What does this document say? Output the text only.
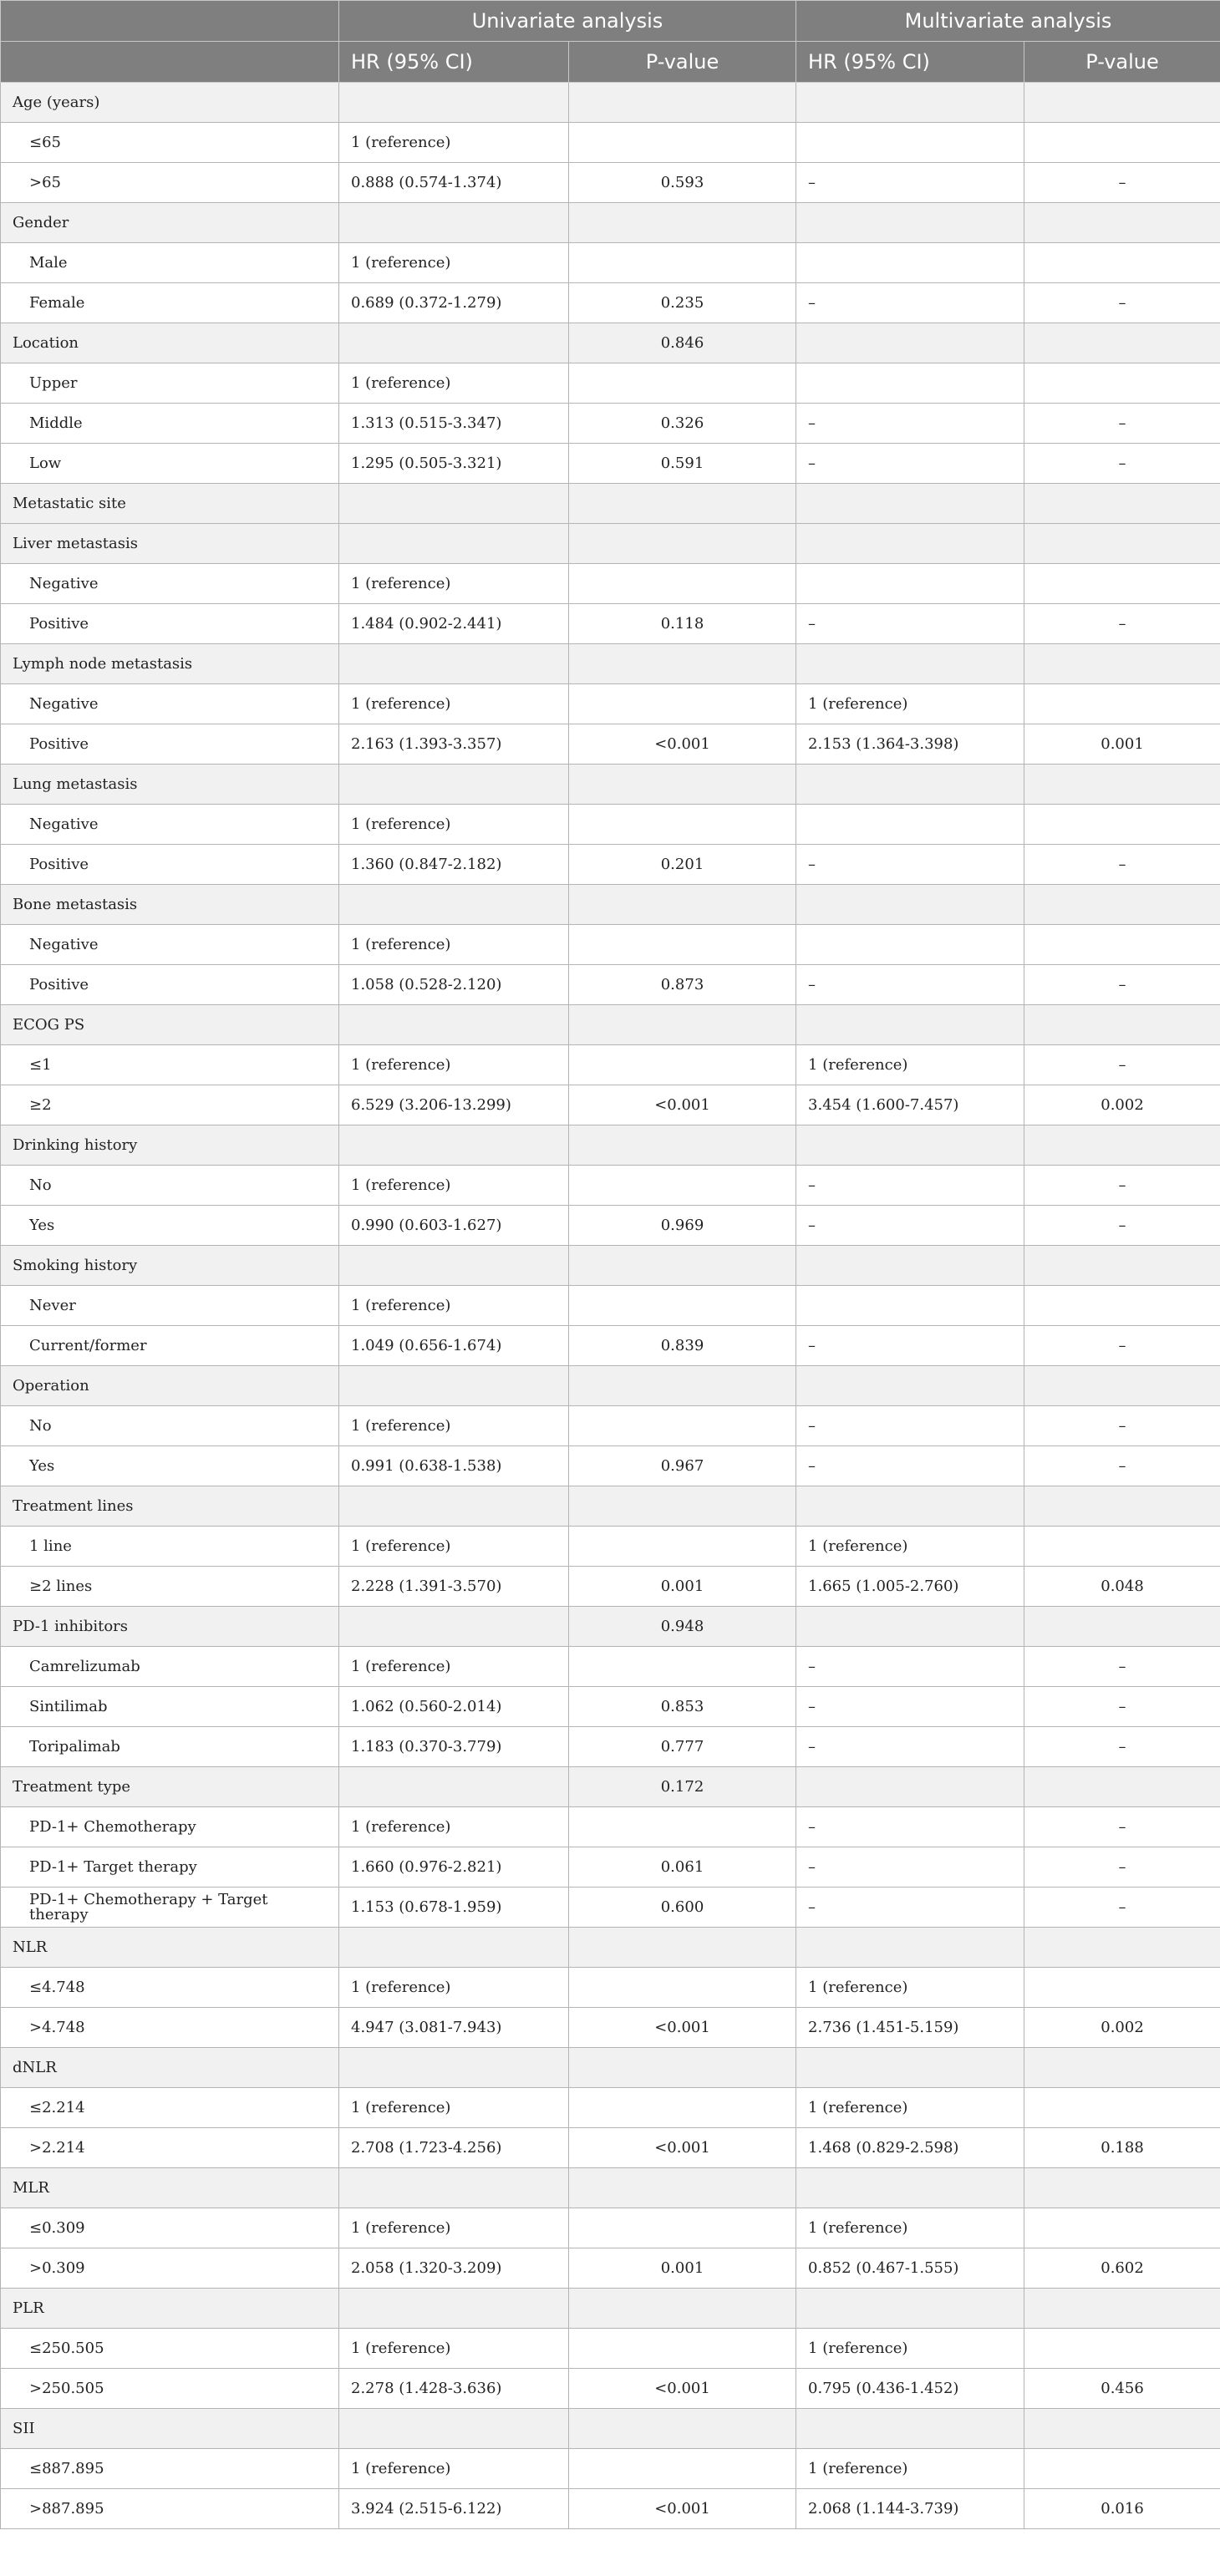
	Univariate analysis		Multivariate analysis	
	HR (95% CI)	P-value	HR (95% CI)	P-value
Age (years)				
≤65	1 (reference)			
>65	0.888 (0.574-1.374)	0.593	–	–
Gender				
Male	1 (reference)			
Female	0.689 (0.372-1.279)	0.235	–	–
Location		0.846		
Upper	1 (reference)			
Middle	1.313 (0.515-3.347)	0.326	–	–
Low	1.295 (0.505-3.321)	0.591	–	–
Metastatic site				
Liver metastasis				
Negative	1 (reference)			
Positive	1.484 (0.902-2.441)	0.118	–	–
Lymph node metastasis				
Negative	1 (reference)		1 (reference)	
Positive	2.163 (1.393-3.357)	<0.001	2.153 (1.364-3.398)	0.001
Lung metastasis				
Negative	1 (reference)			
Positive	1.360 (0.847-2.182)	0.201	–	–
Bone metastasis				
Negative	1 (reference)			
Positive	1.058 (0.528-2.120)	0.873	–	–
ECOG PS				
≤1	1 (reference)		1 (reference)	–
≥2	6.529 (3.206-13.299)	<0.001	3.454 (1.600-7.457)	0.002
Drinking history				
No	1 (reference)		–	–
Yes	0.990 (0.603-1.627)	0.969	–	–
Smoking history				
Never	1 (reference)			
Current/former	1.049 (0.656-1.674)	0.839	–	–
Operation				
No	1 (reference)		–	–
Yes	0.991 (0.638-1.538)	0.967	–	–
Treatment lines				
1 line	1 (reference)		1 (reference)	
≥2 lines	2.228 (1.391-3.570)	0.001	1.665 (1.005-2.760)	0.048
PD-1 inhibitors		0.948		
Camrelizumab	1 (reference)		–	–
Sintilimab	1.062 (0.560-2.014)	0.853	–	–
Toripalimab	1.183 (0.370-3.779)	0.777	–	–
Treatment type		0.172		
PD-1+ Chemotherapy	1 (reference)		–	–
PD-1+ Target therapy	1.660 (0.976-2.821)	0.061	–	–
PD-1+ Chemotherapy + Target therapy	1.153 (0.678-1.959)	0.600	–	–
NLR				
≤4.748	1 (reference)		1 (reference)	
>4.748	4.947 (3.081-7.943)	<0.001	2.736 (1.451-5.159)	0.002
dNLR				
≤2.214	1 (reference)		1 (reference)	
>2.214	2.708 (1.723-4.256)	<0.001	1.468 (0.829-2.598)	0.188
MLR				
≤0.309	1 (reference)		1 (reference)	
>0.309	2.058 (1.320-3.209)	0.001	0.852 (0.467-1.555)	0.602
PLR				
≤250.505	1 (reference)		1 (reference)	
>250.505	2.278 (1.428-3.636)	<0.001	0.795 (0.436-1.452)	0.456
SII				
≤887.895	1 (reference)		1 (reference)	
>887.895	3.924 (2.515-6.122)	<0.001	2.068 (1.144-3.739)	0.016
